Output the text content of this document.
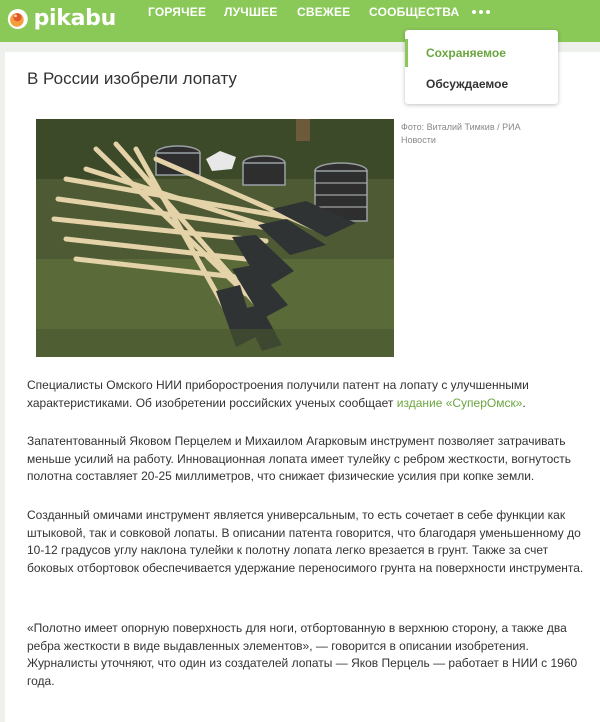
pikabu	ГОРЯЧЕЕ ЛУЧШЕЕ СВЕЖЕЕ СООБЩЕСТВА
Сохраняемое
Обсуждаемое
В России изобрели лопату
Фото: Виталий Тимкив / РИА Новости
Специалисты Омского НИИ приборостроения получили патент на лопату с улучшенными характеристиками. Об изобретении российских ученых сообщает издание «СуперОмск».
Запатентованный Яковом Перцелем и Михаилом Агарковым инструмент позволяет затрачивать меньше усилий на работу. Инновационная лопата имеет тулейку с ребром жесткости, вогнутость полотна составляет 20-25 миллиметров, что снижает физические усилия при копке земли.
Созданный омичами инструмент является универсальным, то есть сочетает в себе функции как штыковой, так и совковой лопаты. В описании патента говорится, что благодаря уменьшенному до 10-12 градусов углу наклона тулейки к полотну лопата легко врезается в грунт. Также за счет боковых отбортовок обеспечивается удержание переносимого грунта на поверхности инструмента.
«Полотно имеет опорную поверхность для ноги, отбортованную в верхнюю сторону, а также два ребра жесткости в виде выдавленных элементов», — говорится в описании изобретения. Журналисты уточняют, что один из создателей лопаты — Яков Перцель — работает в НИИ с 1960 года.
